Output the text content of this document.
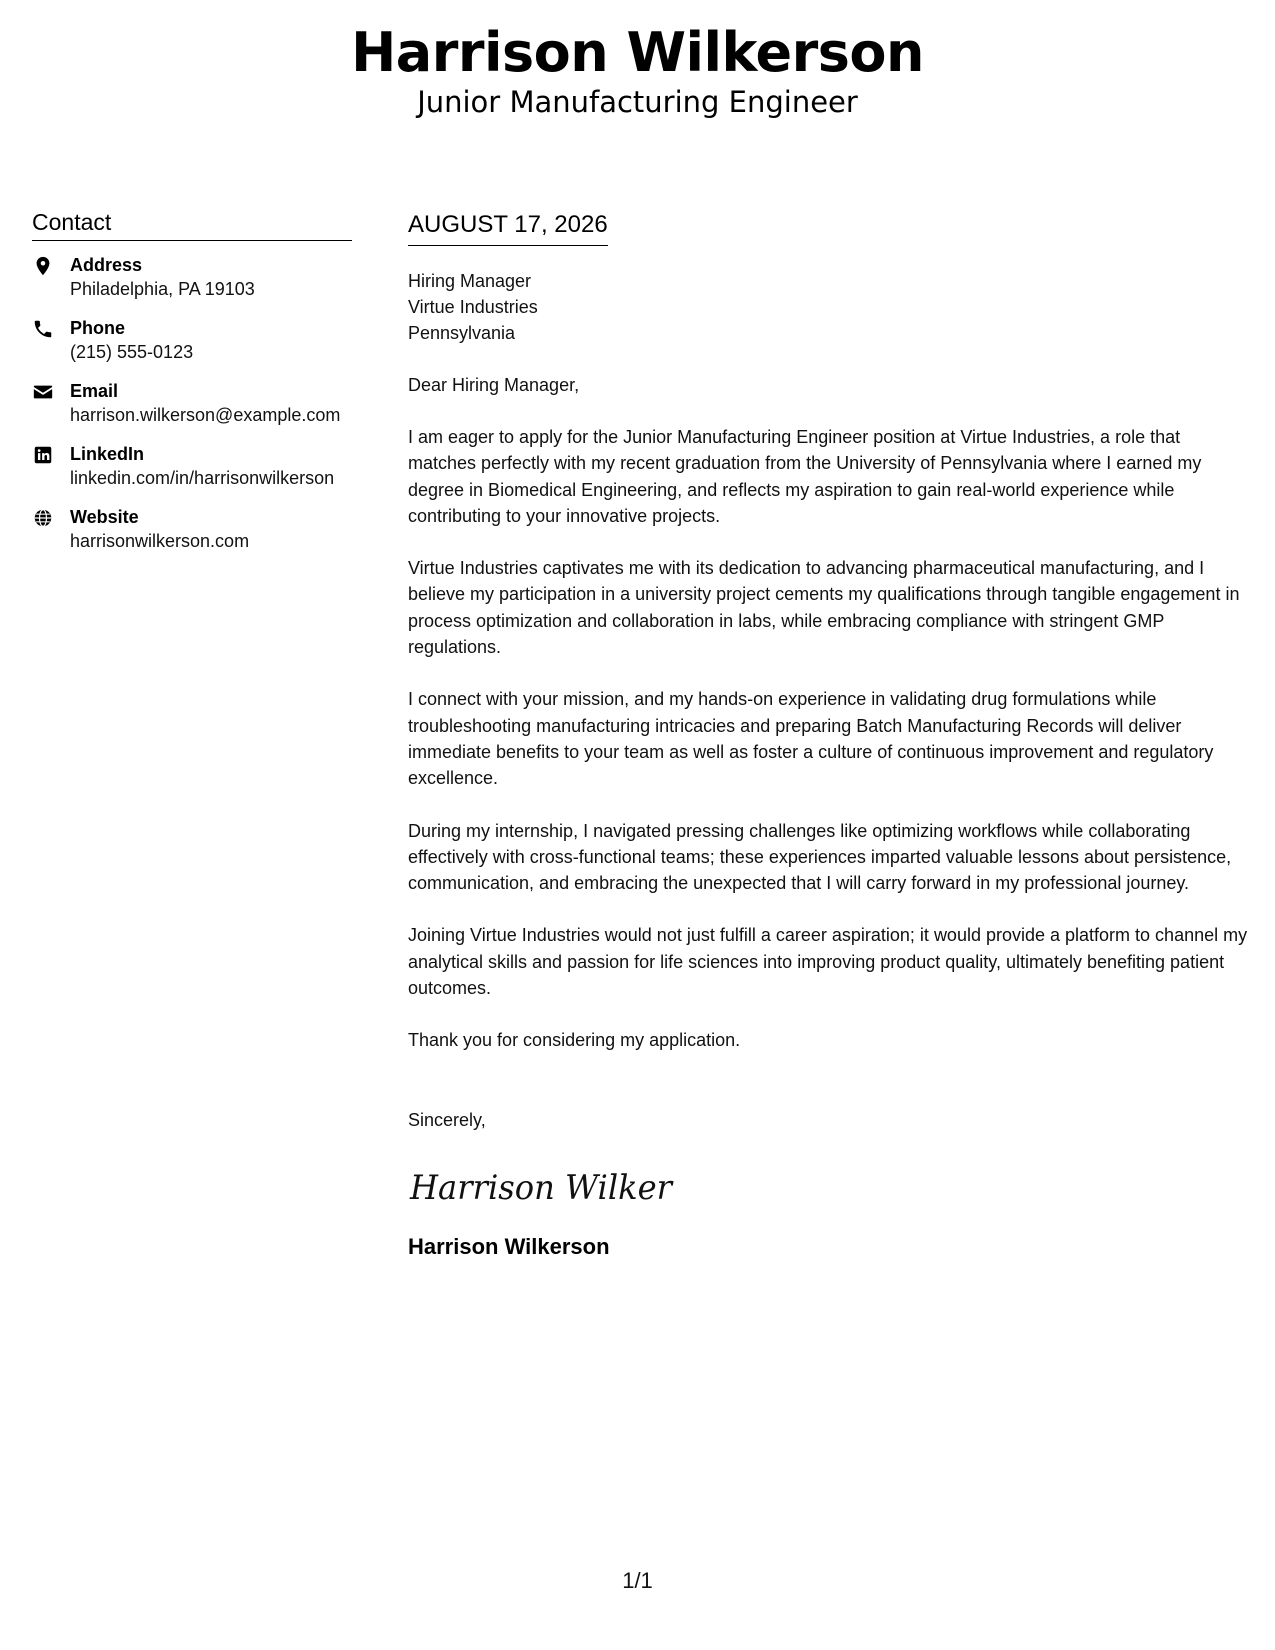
Harrison Wilkerson
Junior Manufacturing Engineer
Contact
Address
Philadelphia, PA 19103
Phone
(215) 555-0123
Email
harrison.wilkerson@example.com
LinkedIn
linkedin.com/in/harrisonwilkerson
Website
harrisonwilkerson.com
AUGUST 17, 2026
Hiring Manager
Virtue Industries
Pennsylvania
Dear Hiring Manager,
I am eager to apply for the Junior Manufacturing Engineer position at Virtue Industries, a role that matches perfectly with my recent graduation from the University of Pennsylvania where I earned my degree in Biomedical Engineering, and reflects my aspiration to gain real-world experience while contributing to your innovative projects.
Virtue Industries captivates me with its dedication to advancing pharmaceutical manufacturing, and I believe my participation in a university project cements my qualifications through tangible engagement in process optimization and collaboration in labs, while embracing compliance with stringent GMP regulations.
I connect with your mission, and my hands-on experience in validating drug formulations while troubleshooting manufacturing intricacies and preparing Batch Manufacturing Records will deliver immediate benefits to your team as well as foster a culture of continuous improvement and regulatory excellence.
During my internship, I navigated pressing challenges like optimizing workflows while collaborating effectively with cross-functional teams; these experiences imparted valuable lessons about persistence, communication, and embracing the unexpected that I will carry forward in my professional journey.
Joining Virtue Industries would not just fulfill a career aspiration; it would provide a platform to channel my analytical skills and passion for life sciences into improving product quality, ultimately benefiting patient outcomes.
Thank you for considering my application.
Sincerely,
Harrison Wilker
Harrison Wilkerson
1/1
